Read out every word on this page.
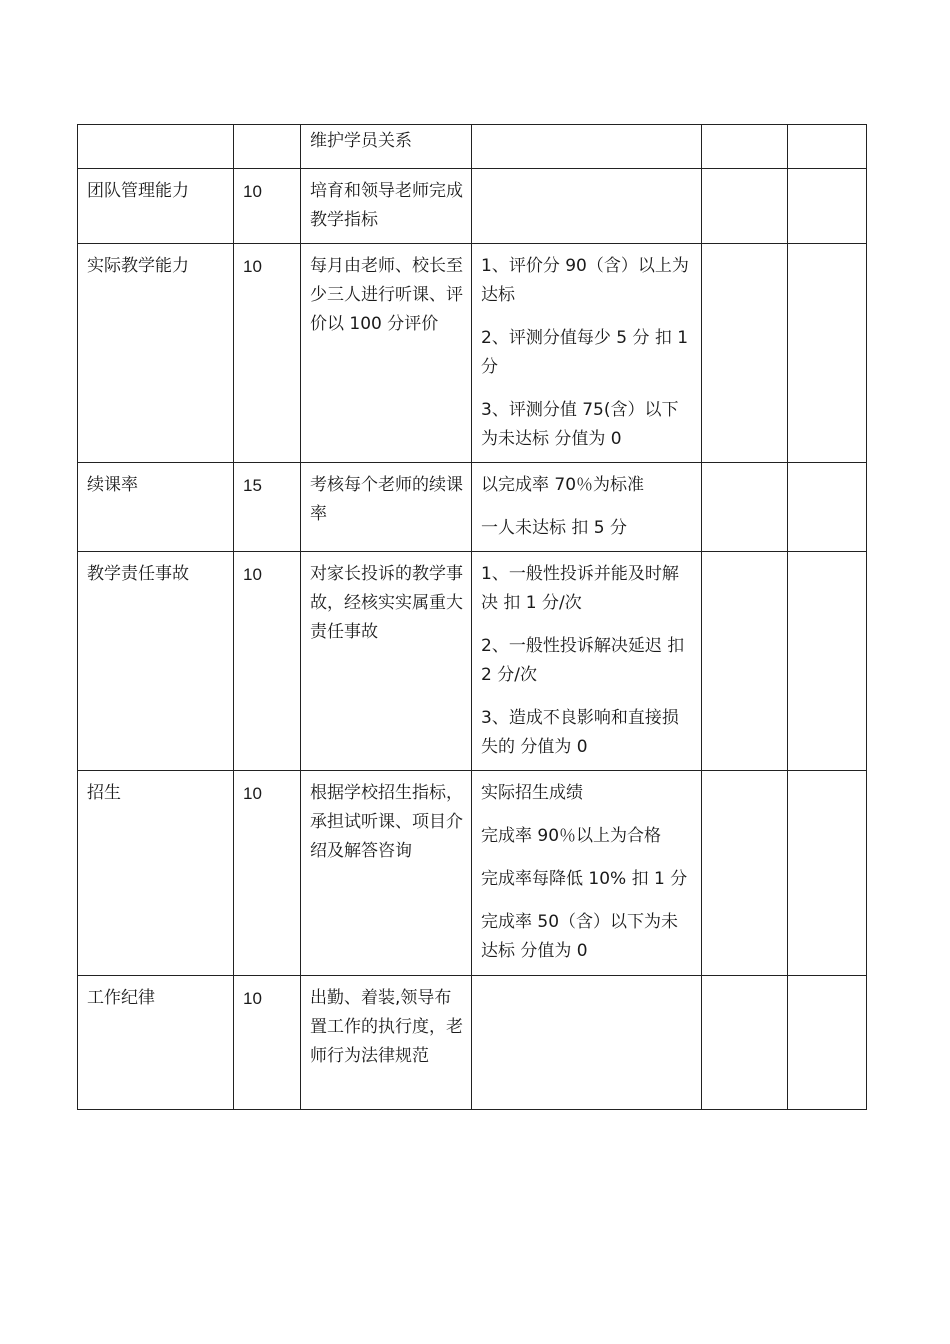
		维护学员关系			
团队管理能力	10	培育和领导老师完成教学指标			
实际教学能力	10	每月由老师、校长至少三人进行听课、评价以 100 分评价	1、评价分 90（含）以上为达标

2、评测分值每少 5 分 扣 1 分

3、评测分值 75(含）以下为未达标 分值为 0		

续课率	15	考核每个老师的续课率	以完成率 70％为标准

一人未达标 扣 5 分		

教学责任事故	10	对家长投诉的教学事故，经核实实属重大责任事故	1、一般性投诉并能及时解决 扣 1 分/次

2、一般性投诉解决延迟 扣 2 分/次

3、造成不良影响和直接损失的 分值为 0		

招生	10	根据学校招生指标，承担试听课、项目介绍及解答咨询	实际招生成绩

完成率 90％以上为合格

完成率每降低 10% 扣 1 分

完成率 50（含）以下为未达标 分值为 0		

工作纪律	10	出勤、着装,领导布置工作的执行度，老师行为法律规范			
